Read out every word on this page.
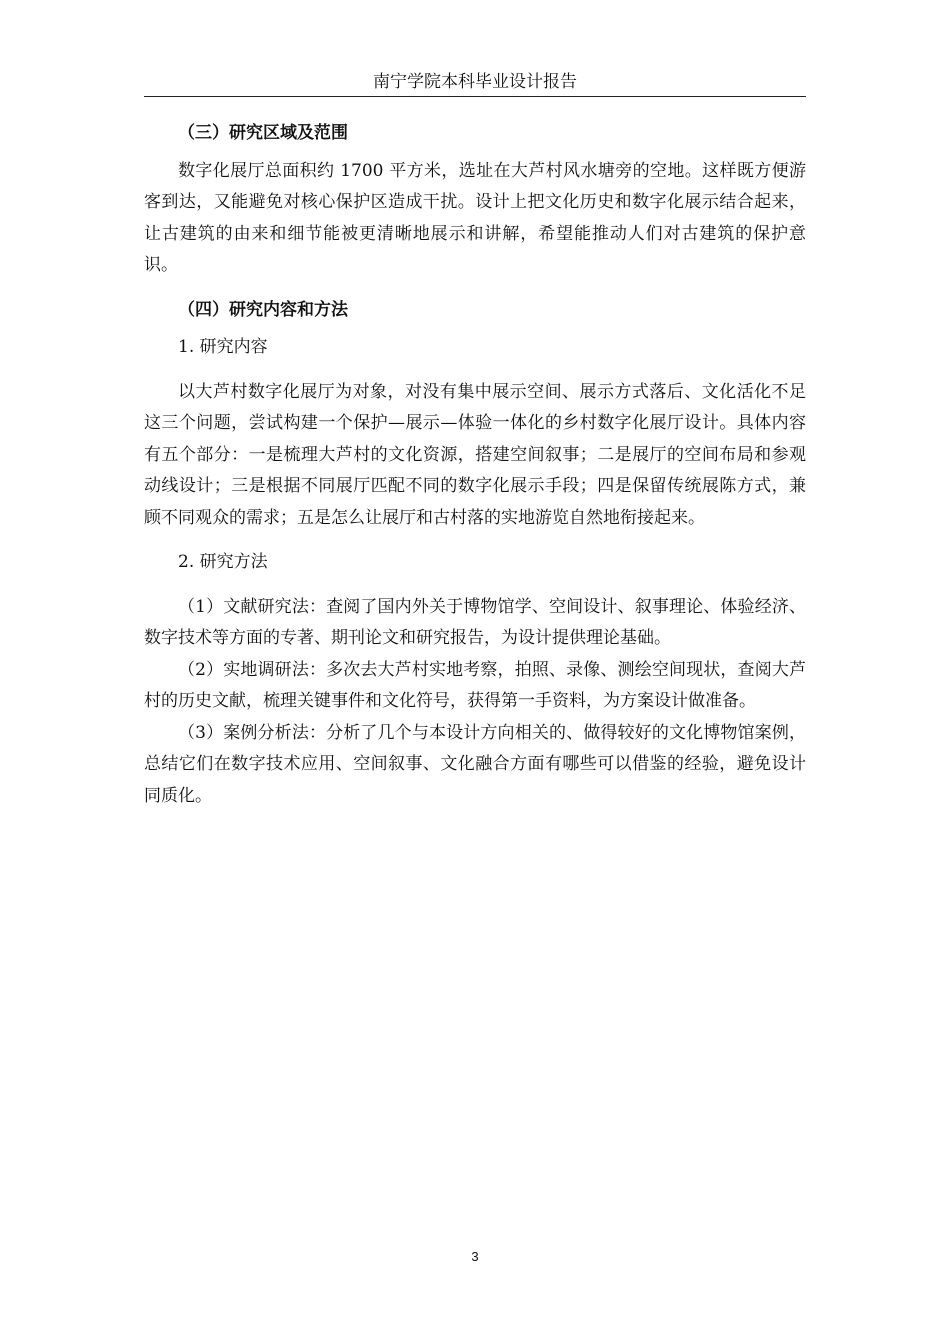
南宁学院本科毕业设计报告
（三）研究区域及范围

数字化展厅总面积约 1700 平方米，选址在大芦村风水塘旁的空地。这样既方便游客到达，又能避免对核心保护区造成干扰。设计上把文化历史和数字化展示结合起来，让古建筑的由来和细节能被更清晰地展示和讲解，希望能推动人们对古建筑的保护意识。

（四）研究内容和方法

1. 研究内容

以大芦村数字化展厅为对象，对没有集中展示空间、展示方式落后、文化活化不足这三个问题，尝试构建一个保护—展示—体验一体化的乡村数字化展厅设计。具体内容有五个部分：一是梳理大芦村的文化资源，搭建空间叙事；二是展厅的空间布局和参观动线设计；三是根据不同展厅匹配不同的数字化展示手段；四是保留传统展陈方式，兼顾不同观众的需求；五是怎么让展厅和古村落的实地游览自然地衔接起来。

2. 研究方法

（1）文献研究法：查阅了国内外关于博物馆学、空间设计、叙事理论、体验经济、数字技术等方面的专著、期刊论文和研究报告，为设计提供理论基础。

（2）实地调研法：多次去大芦村实地考察，拍照、录像、测绘空间现状，查阅大芦村的历史文献，梳理关键事件和文化符号，获得第一手资料，为方案设计做准备。

（3）案例分析法：分析了几个与本设计方向相关的、做得较好的文化博物馆案例，总结它们在数字技术应用、空间叙事、文化融合方面有哪些可以借鉴的经验，避免设计同质化。

3
